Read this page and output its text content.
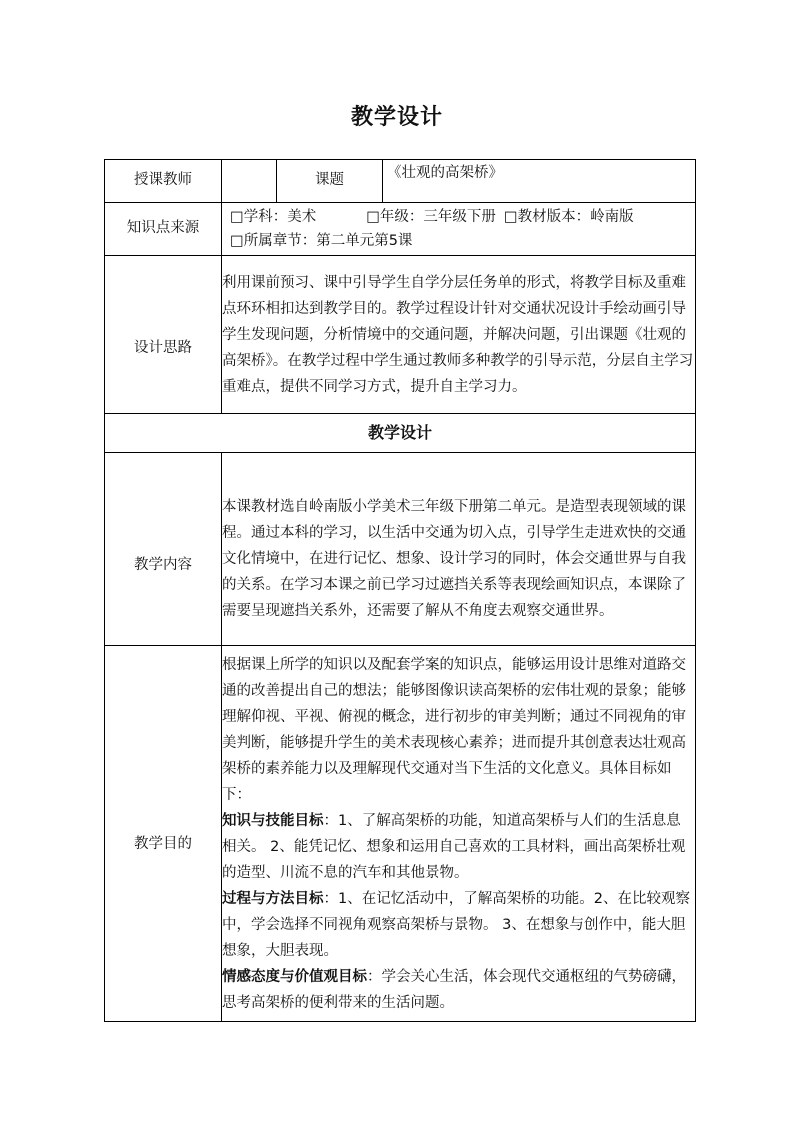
教学设计
授课教师		课题	《壮观的高架桥》
知识点来源	□学科：美术 □年级：三年级下册 □教材版本：岭南版
□所属章节：第二单元第5课		

设计思路	利用课前预习、课中引导学生自学分层任务单的形式，将教学目标及重难点环环相扣达到教学目的。教学过程设计针对交通状况设计手绘动画引导学生发现问题，分析情境中的交通问题，并解决问题，引出课题《壮观的高架桥》。在教学过程中学生通过教师多种教学的引导示范，分层自主学习重难点，提供不同学习方式，提升自主学习力。		
教学设计			

教学内容	本课教材选自岭南版小学美术三年级下册第二单元。是造型表现领域的课程。通过本科的学习，以生活中交通为切入点，引导学生走进欢快的交通文化情境中，在进行记忆、想象、设计学习的同时，体会交通世界与自我的关系。在学习本课之前已学习过遮挡关系等表现绘画知识点，本课除了需要呈现遮挡关系外，还需要了解从不角度去观察交通世界。		

教学目的	根据课上所学的知识以及配套学案的知识点，能够运用设计思维对道路交通的改善提出自己的想法；能够图像识读高架桥的宏伟壮观的景象；能够理解仰视、平视、俯视的概念，进行初步的审美判断；通过不同视角的审美判断，能够提升学生的美术表现核心素养；进而提升其创意表达壮观高架桥的素养能力以及理解现代交通对当下生活的文化意义。具体目标如下：
知识与技能目标：1、了解高架桥的功能，知道高架桥与人们的生活息息相关。 2、能凭记忆、想象和运用自己喜欢的工具材料，画出高架桥壮观的造型、川流不息的汽车和其他景物。
过程与方法目标：1、在记忆活动中，了解高架桥的功能。2、在比较观察中，学会选择不同视角观察高架桥与景物。 3、在想象与创作中，能大胆想象，大胆表现。
情感态度与价值观目标：学会关心生活，体会现代交通枢纽的气势磅礴，思考高架桥的便利带来的生活问题。		
